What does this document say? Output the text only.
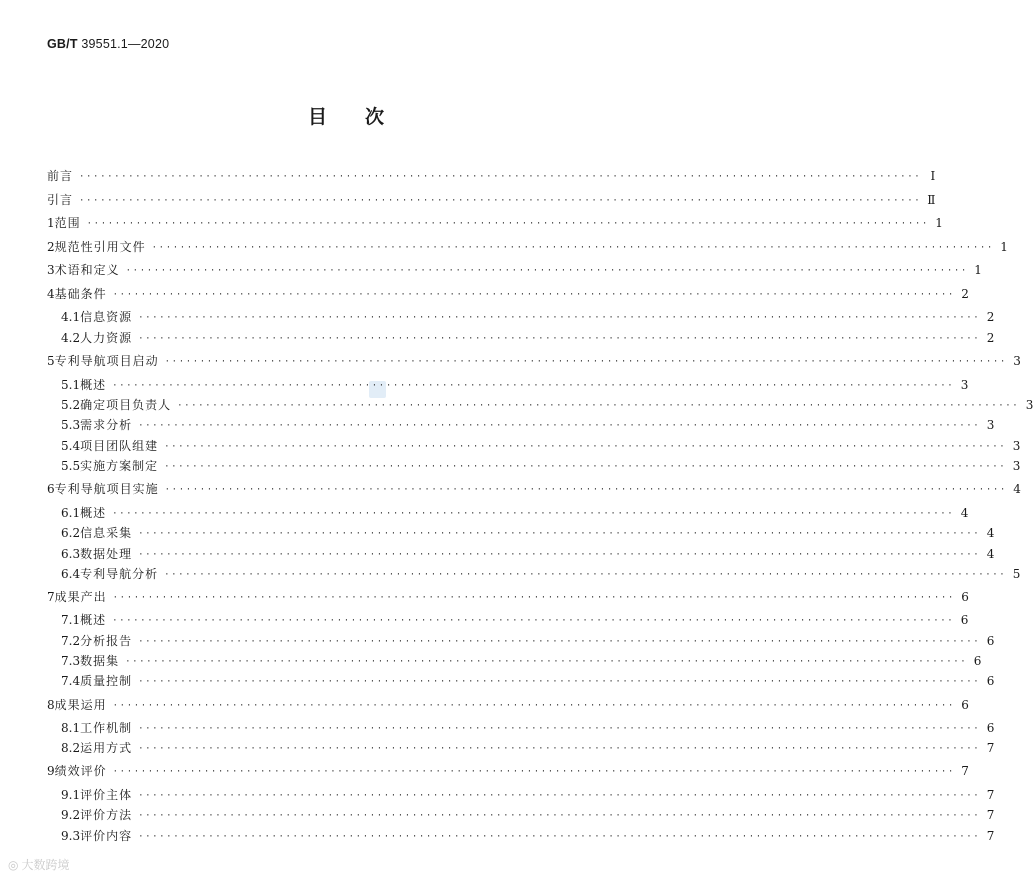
GB/T 39551.1—2020
目 次
前言 ························································································································ Ⅰ
引言 ························································································································ Ⅱ
1 范围 ························································································································ 1
2 规范性引用文件 ························································································································ 1
3 术语和定义 ························································································································ 1
4 基础条件 ························································································································ 2
4.1 信息资源 ························································································································ 2
4.2 人力资源 ························································································································ 2
5 专利导航项目启动 ························································································································ 3
5.1 概述 ························································································································ 3
5.2 确定项目负责人 ························································································································ 3
5.3 需求分析 ························································································································ 3
5.4 项目团队组建 ························································································································ 3
5.5 实施方案制定 ························································································································ 3
6 专利导航项目实施 ························································································································ 4
6.1 概述 ························································································································ 4
6.2 信息采集 ························································································································ 4
6.3 数据处理 ························································································································ 4
6.4 专利导航分析 ························································································································ 5
7 成果产出 ························································································································ 6
7.1 概述 ························································································································ 6
7.2 分析报告 ························································································································ 6
7.3 数据集 ························································································································ 6
7.4 质量控制 ························································································································ 6
8 成果运用 ························································································································ 6
8.1 工作机制 ························································································································ 6
8.2 运用方式 ························································································································ 7
9 绩效评价 ························································································································ 7
9.1 评价主体 ························································································································ 7
9.2 评价方法 ························································································································ 7
9.3 评价内容 ························································································································ 7
◎ 大数跨境
